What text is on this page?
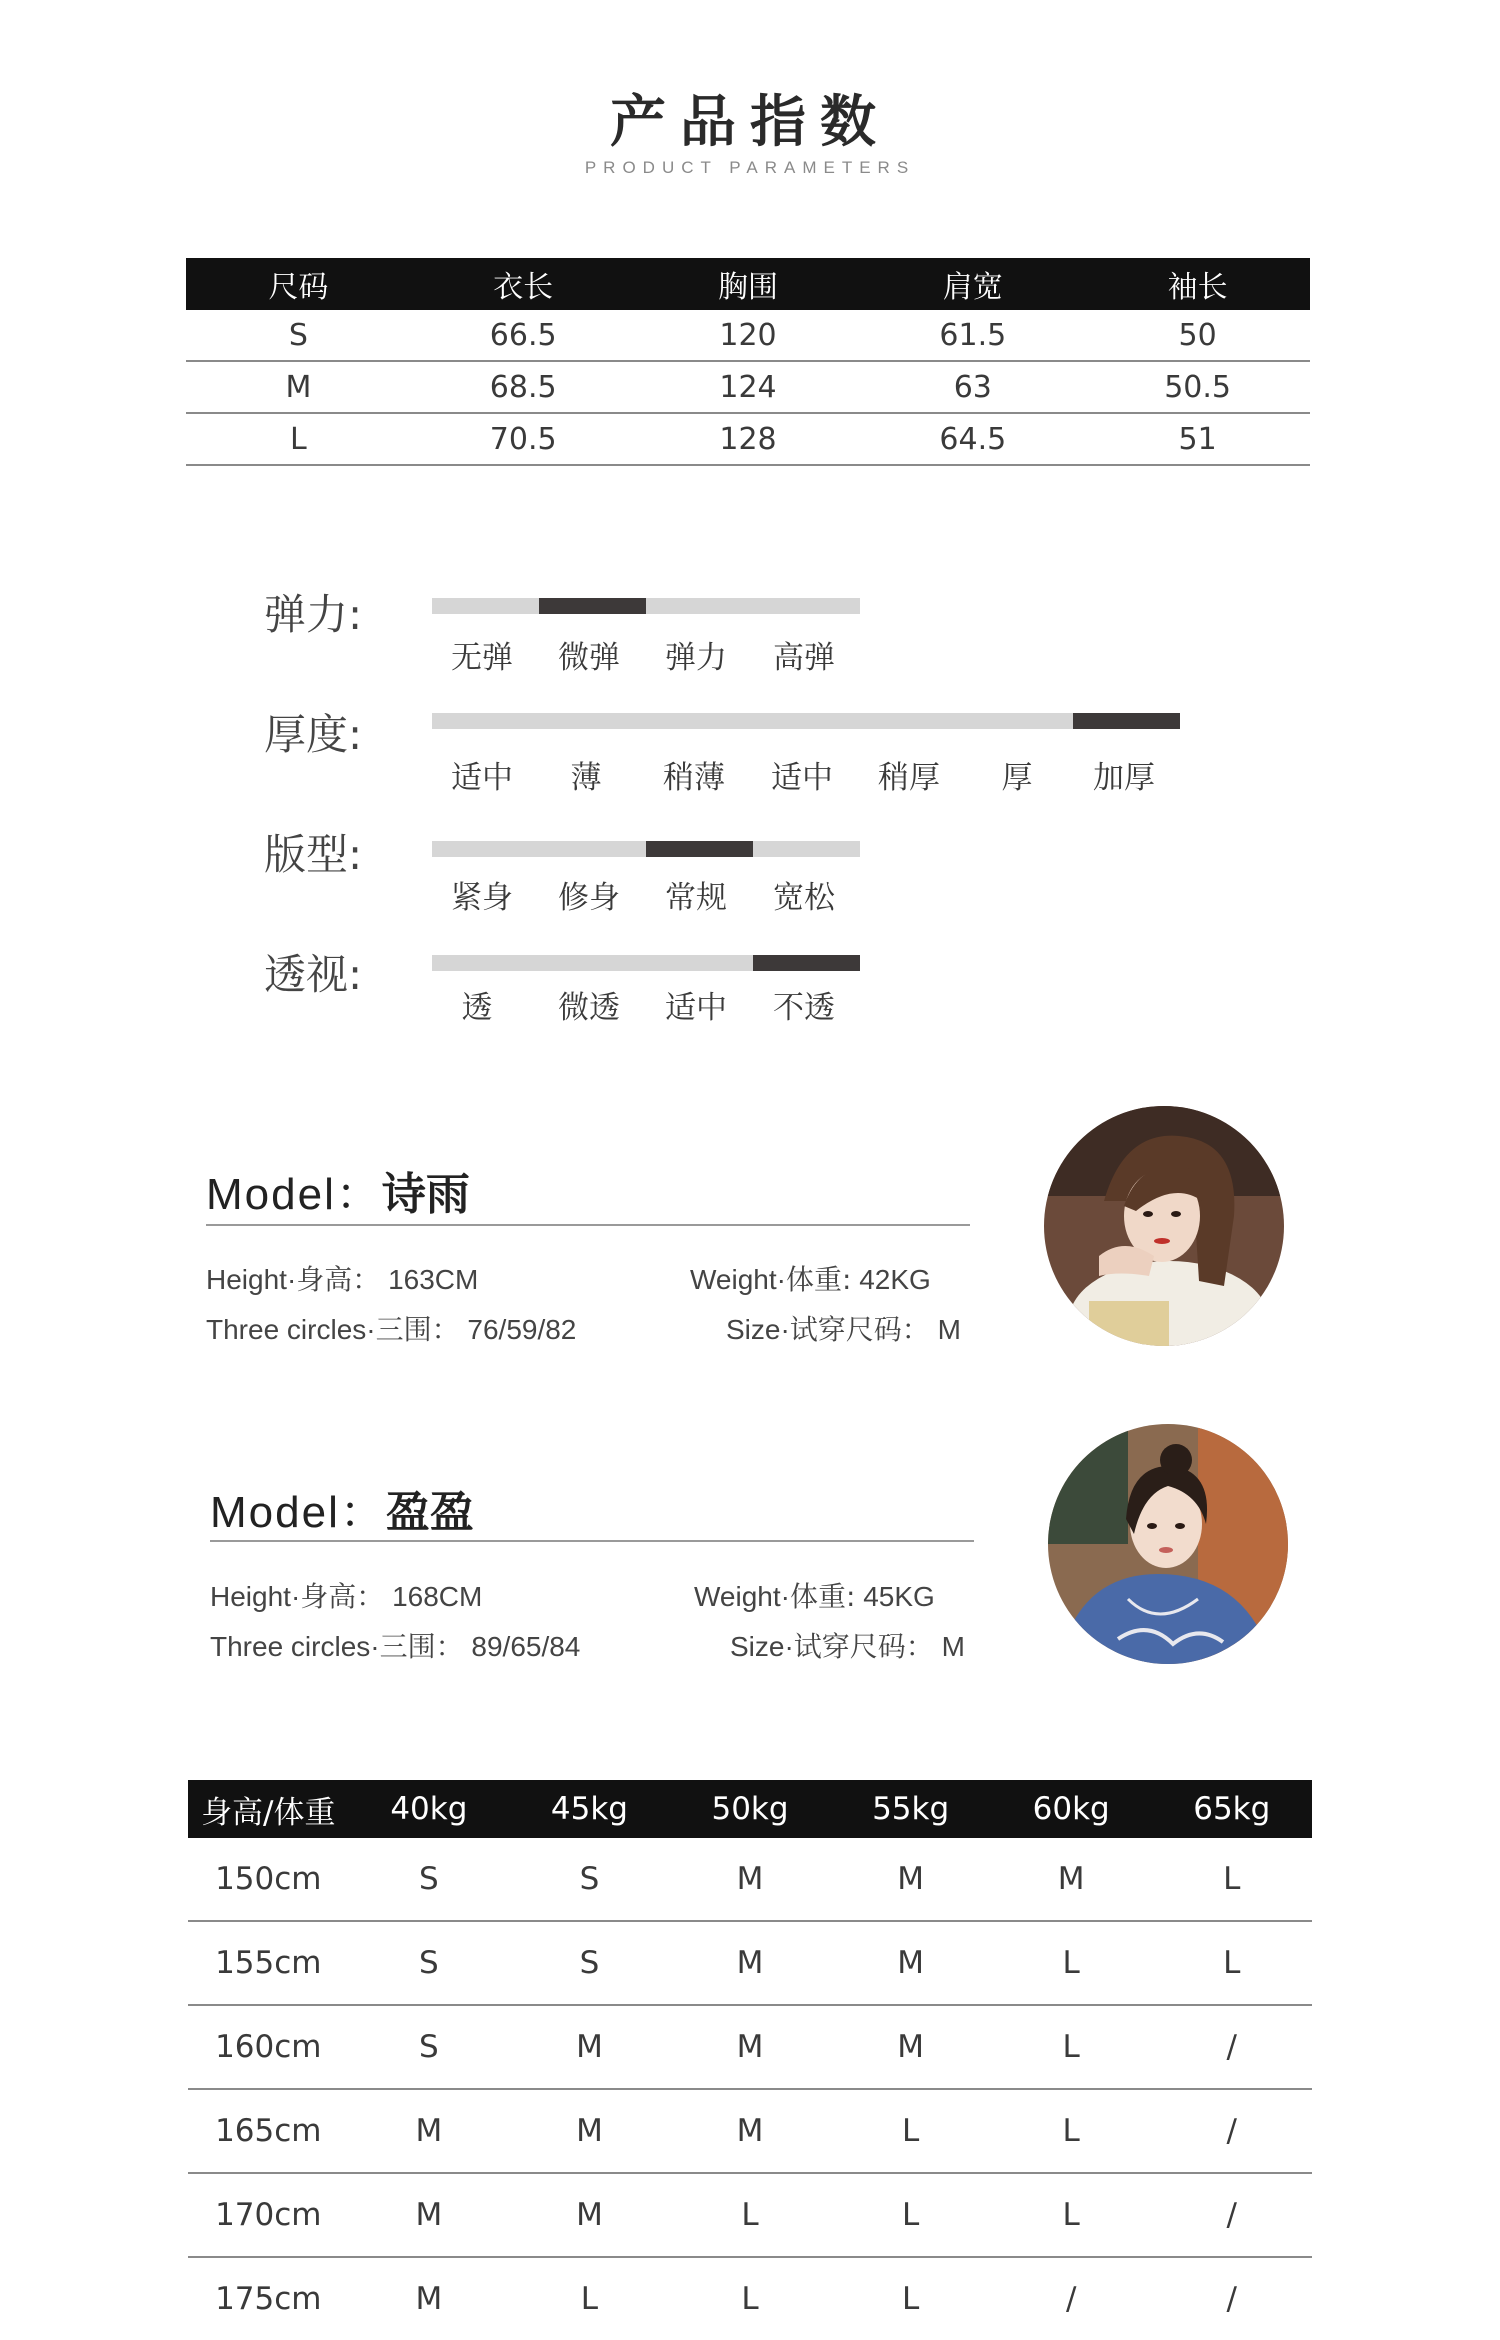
产品指数
PRODUCT PARAMETERS
尺码	衣长	胸围	肩宽	袖长
S	66.5	120	61.5	50
M	68.5	124	63	50.5
L	70.5	128	64.5	51
弹力:
无弹 微弹 弹力 高弹
厚度:
适中 薄 稍薄 适中 稍厚 厚 加厚
版型:
紧身 修身 常规 宽松
透视:
透 微透 适中 不透
Model：诗雨
Height·身高： 163CM
Three circles·三围： 76/59/82
Weight·体重: 42KG
Size·试穿尺码： M
Model：盈盈
Height·身高： 168CM
Three circles·三围： 89/65/84
Weight·体重: 45KG
Size·试穿尺码： M
身高/体重	40kg	45kg	50kg	55kg	60kg	65kg
150cm	S	S	M	M	M	L
155cm	S	S	M	M	L	L
160cm	S	M	M	M	L	/
165cm	M	M	M	L	L	/
170cm	M	M	L	L	L	/
175cm	M	L	L	L	/	/
